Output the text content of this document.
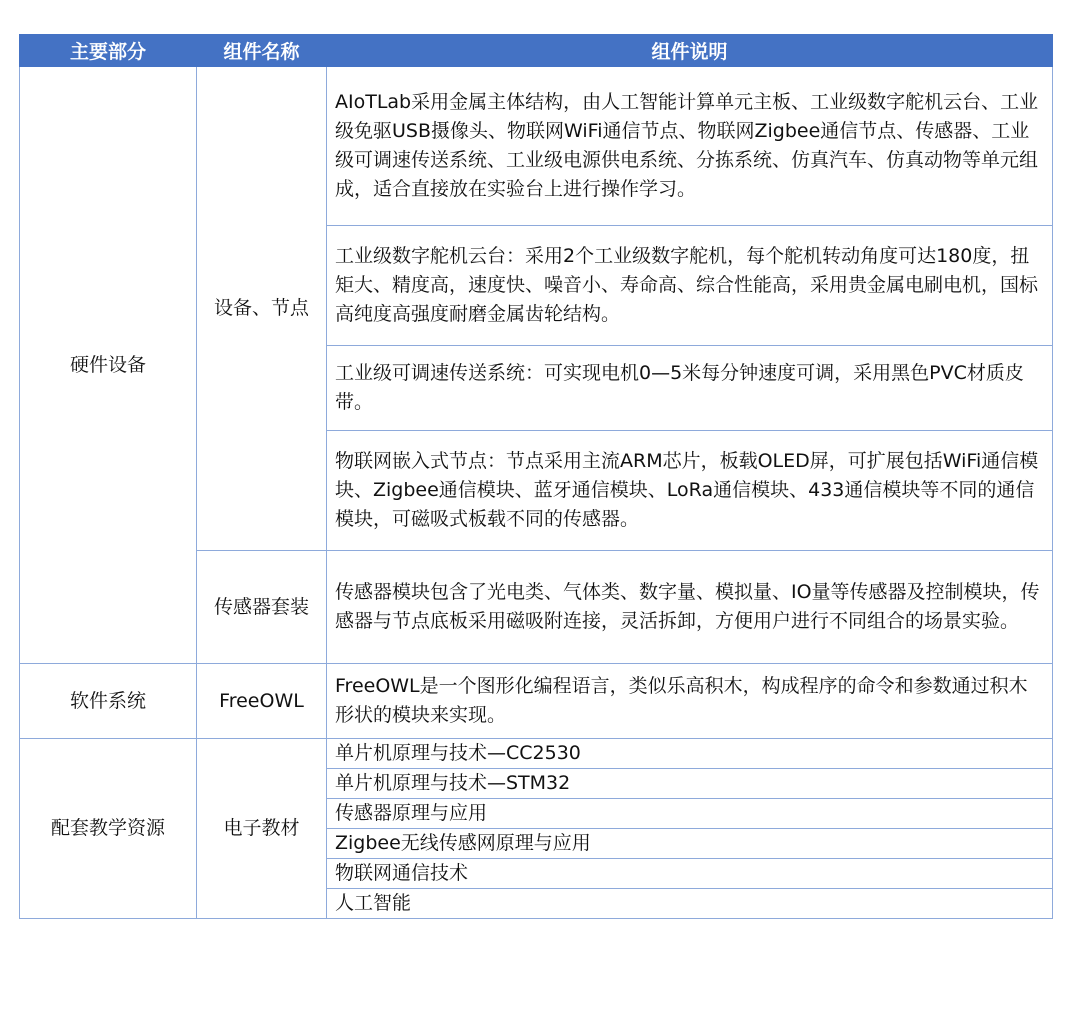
主要部分	组件名称	组件说明
硬件设备	设备、节点	AIoTLab采用金属主体结构，由人工智能计算单元主板、工业级数字舵机云台、工业级免驱USB摄像头、物联网WiFi通信节点、物联网Zigbee通信节点、传感器、工业级可调速传送系统、工业级电源供电系统、分拣系统、仿真汽车、仿真动物等单元组成，适合直接放在实验台上进行操作学习。
		工业级数字舵机云台：采用2个工业级数字舵机，每个舵机转动角度可达180度，扭矩大、精度高，速度快、噪音小、寿命高、综合性能高，采用贵金属电刷电机，国标高纯度高强度耐磨金属齿轮结构。
		工业级可调速传送系统：可实现电机0—5米每分钟速度可调，采用黑色PVC材质皮带。
		物联网嵌入式节点：节点采用主流ARM芯片，板载OLED屏，可扩展包括WiFi通信模块、Zigbee通信模块、蓝牙通信模块、LoRa通信模块、433通信模块等不同的通信模块，可磁吸式板载不同的传感器。
	传感器套装	传感器模块包含了光电类、气体类、数字量、模拟量、IO量等传感器及控制模块，传感器与节点底板采用磁吸附连接，灵活拆卸，方便用户进行不同组合的场景实验。
软件系统	FreeOWL	FreeOWL是一个图形化编程语言，类似乐高积木，构成程序的命令和参数通过积木形状的模块来实现。
配套教学资源	电子教材	单片机原理与技术—CC2530
		单片机原理与技术—STM32
		传感器原理与应用
		Zigbee无线传感网原理与应用
		物联网通信技术
		人工智能
